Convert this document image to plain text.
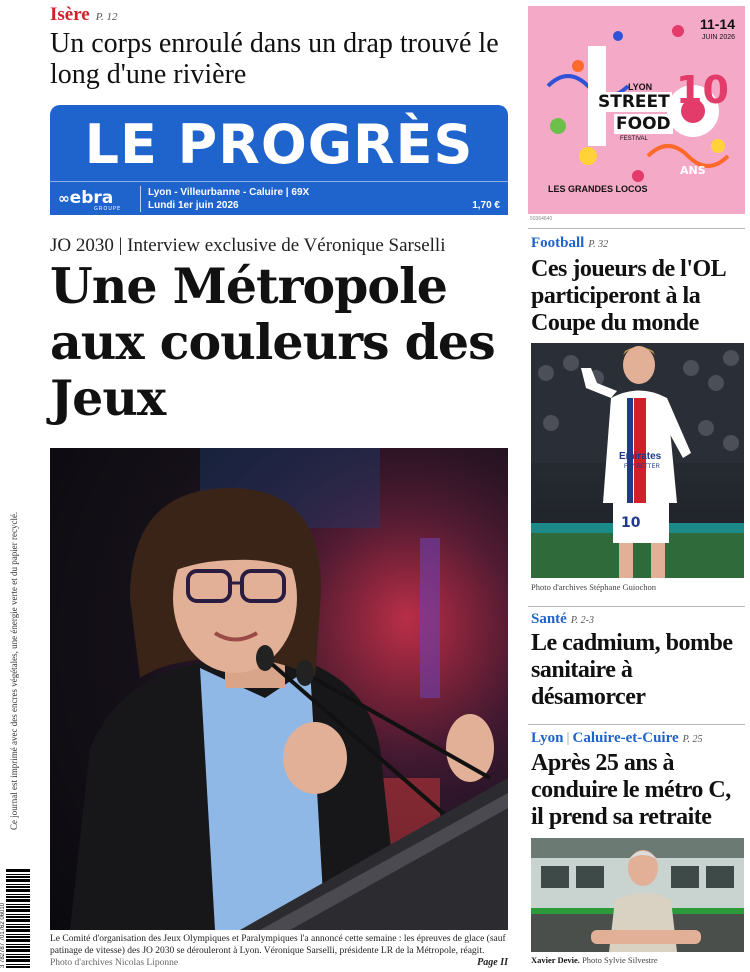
Isère P. 12
Un corps enroulé dans un drap trouvé le long d'une rivière
LE PROGRÈS
∞ebra
GROUPE
Lyon - Villeurbanne - Caluire | 69X
Lundi 1er juin 2026	1,70 €
JO 2030 | Interview exclusive de Véronique Sarselli
Une Métropole aux couleurs des Jeux
Le Comité d'organisation des Jeux Olympiques et Paralympiques l'a annoncé cette semaine : les épreuves de glace (sauf patinage de vitesse) des JO 2030 se dérouleront à Lyon. Véronique Sarselli, présidente LR de la Métropole, réagit. Photo d'archives Nicolas Liponne	Page II
Ce journal est imprimé avec des encres végétales, une énergie verte et du papier recyclé.
3 782787 701762 06010
11-14
JUIN 2026
LYON
STREET
FOOD
FESTIVAL
10
ANS
LES GRANDES LOCOS
50364640
Football P. 32
Ces joueurs de l'OL participeront à la Coupe du monde
Emirates
FLY BETTER
10
Photo d'archives Stéphane Guiochon
Santé P. 2-3
Le cadmium, bombe sanitaire à désamorcer
Lyon | Caluire-et-Cuire P. 25
Après 25 ans à conduire le métro C, il prend sa retraite
Xavier Devie. Photo Sylvie Silvestre
